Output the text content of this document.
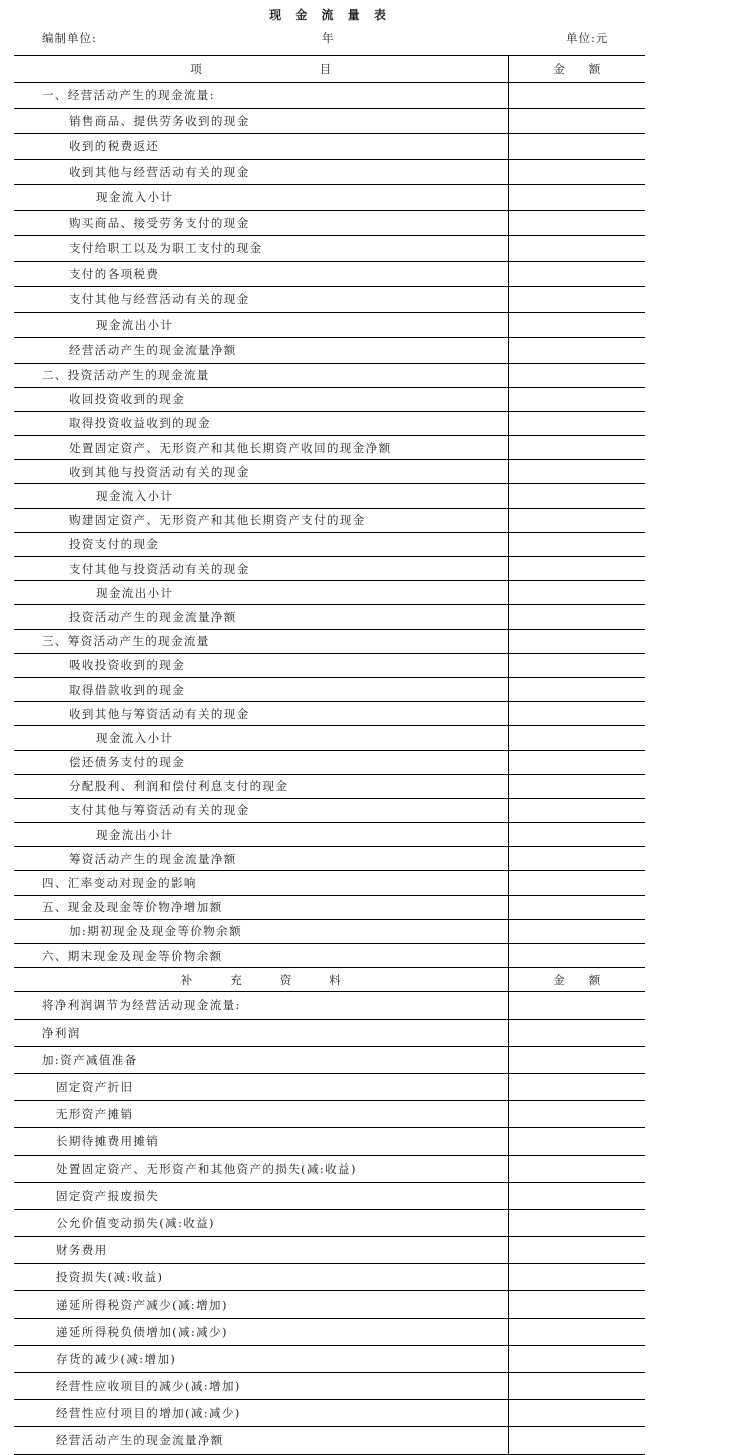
现 金 流 量 表
编制单位:	年	单位:元
项目	金额
一、经营活动产生的现金流量:	
销售商品、提供劳务收到的现金	
收到的税费返还	
收到其他与经营活动有关的现金	
现金流入小计	
购买商品、接受劳务支付的现金	
支付给职工以及为职工支付的现金	
支付的各项税费	
支付其他与经营活动有关的现金	
现金流出小计	
经营活动产生的现金流量净额	
二、投资活动产生的现金流量	
收回投资收到的现金	
取得投资收益收到的现金	
处置固定资产、无形资产和其他长期资产收回的现金净额	
收到其他与投资活动有关的现金	
现金流入小计	
购建固定资产、无形资产和其他长期资产支付的现金	
投资支付的现金	
支付其他与投资活动有关的现金	
现金流出小计	
投资活动产生的现金流量净额	
三、筹资活动产生的现金流量	
吸收投资收到的现金	
取得借款收到的现金	
收到其他与筹资活动有关的现金	
现金流入小计	
偿还债务支付的现金	
分配股利、利润和偿付利息支付的现金	
支付其他与筹资活动有关的现金	
现金流出小计	
筹资活动产生的现金流量净额	
四、汇率变动对现金的影响	
五、现金及现金等价物净增加额	
加:期初现金及现金等价物余额	
六、期末现金及现金等价物余额	
补充资料	金额
将净利润调节为经营活动现金流量:	
净利润	
加:资产减值准备	
固定资产折旧	
无形资产摊销	
长期待摊费用摊销	
处置固定资产、无形资产和其他资产的损失(减:收益)	
固定资产报废损失	
公允价值变动损失(减:收益)	
财务费用	
投资损失(减:收益)	
递延所得税资产减少(减:增加)	
递延所得税负债增加(减:减少)	
存货的减少(减:增加)	
经营性应收项目的减少(减:增加)	
经营性应付项目的增加(减:减少)	
经营活动产生的现金流量净额	
